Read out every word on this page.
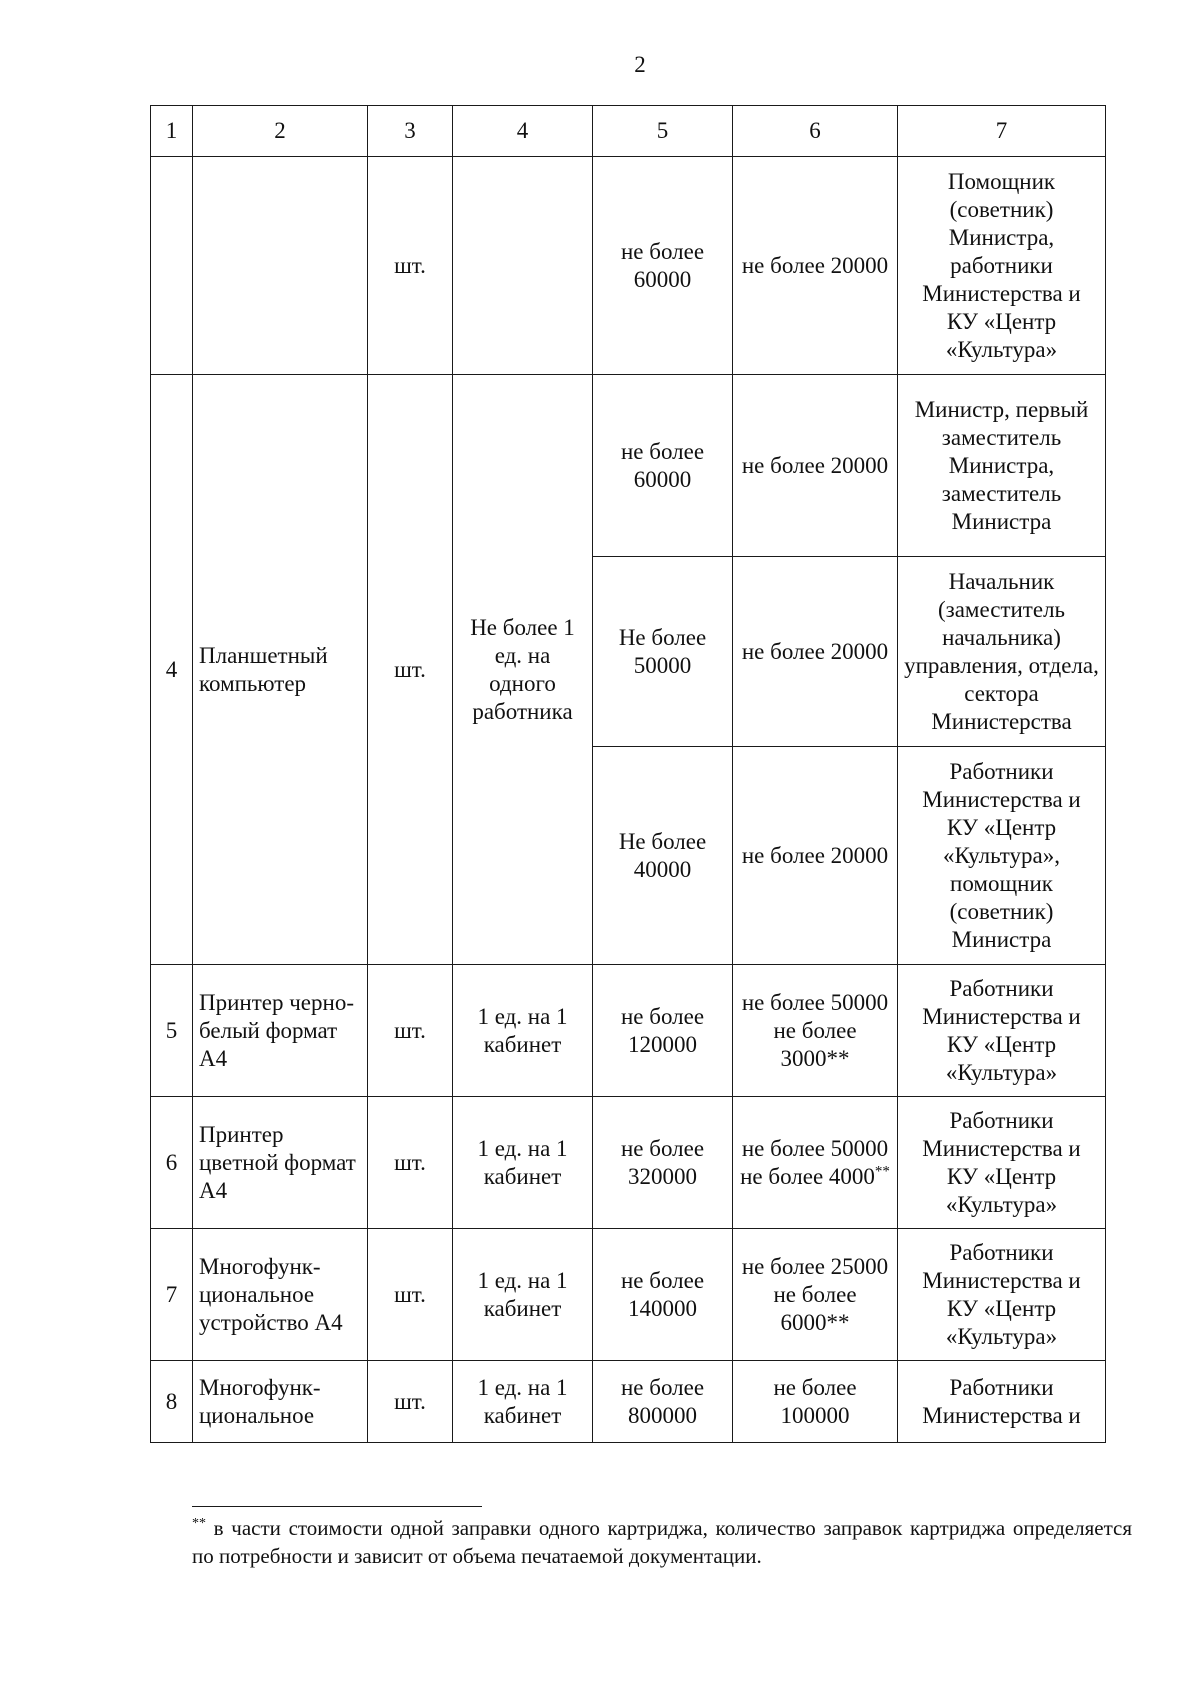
2
1	2	3	4	5	6	7
		шт.		не более 60000	не более 20000	Помощник (советник) Министра, работники Министерства и КУ «Центр «Культура»
4	Планшетный компьютер	шт.	Не более 1 ед. на одного работника	не более 60000	не более 20000	Министр, первый заместитель Министра, заместитель Министра
				Не более 50000	не более 20000	Начальник (заместитель начальника) управления, отдела, сектора Министерства
				Не более 40000	не более 20000	Работники Министерства и КУ «Центр «Культура», помощник (советник) Министра
5	Принтер черно-белый формат А4	шт.	1 ед. на 1 кабинет	не более 120000	не более 50000 не более 3000**	Работники Министерства и КУ «Центр «Культура»
6	Принтер цветной формат А4	шт.	1 ед. на 1 кабинет	не более 320000	не более 50000 не более 4000**	Работники Министерства и КУ «Центр «Культура»
7	Многофунк-циональное устройство А4	шт.	1 ед. на 1 кабинет	не более 140000	не более 25000 не более 6000**	Работники Министерства и КУ «Центр «Культура»
8	Многофунк-циональное	шт.	1 ед. на 1 кабинет	не более 800000	не более 100000	Работники Министерства и
** в части стоимости одной заправки одного картриджа, количество заправок картриджа определяется по потребности и зависит от объема печатаемой документации.
